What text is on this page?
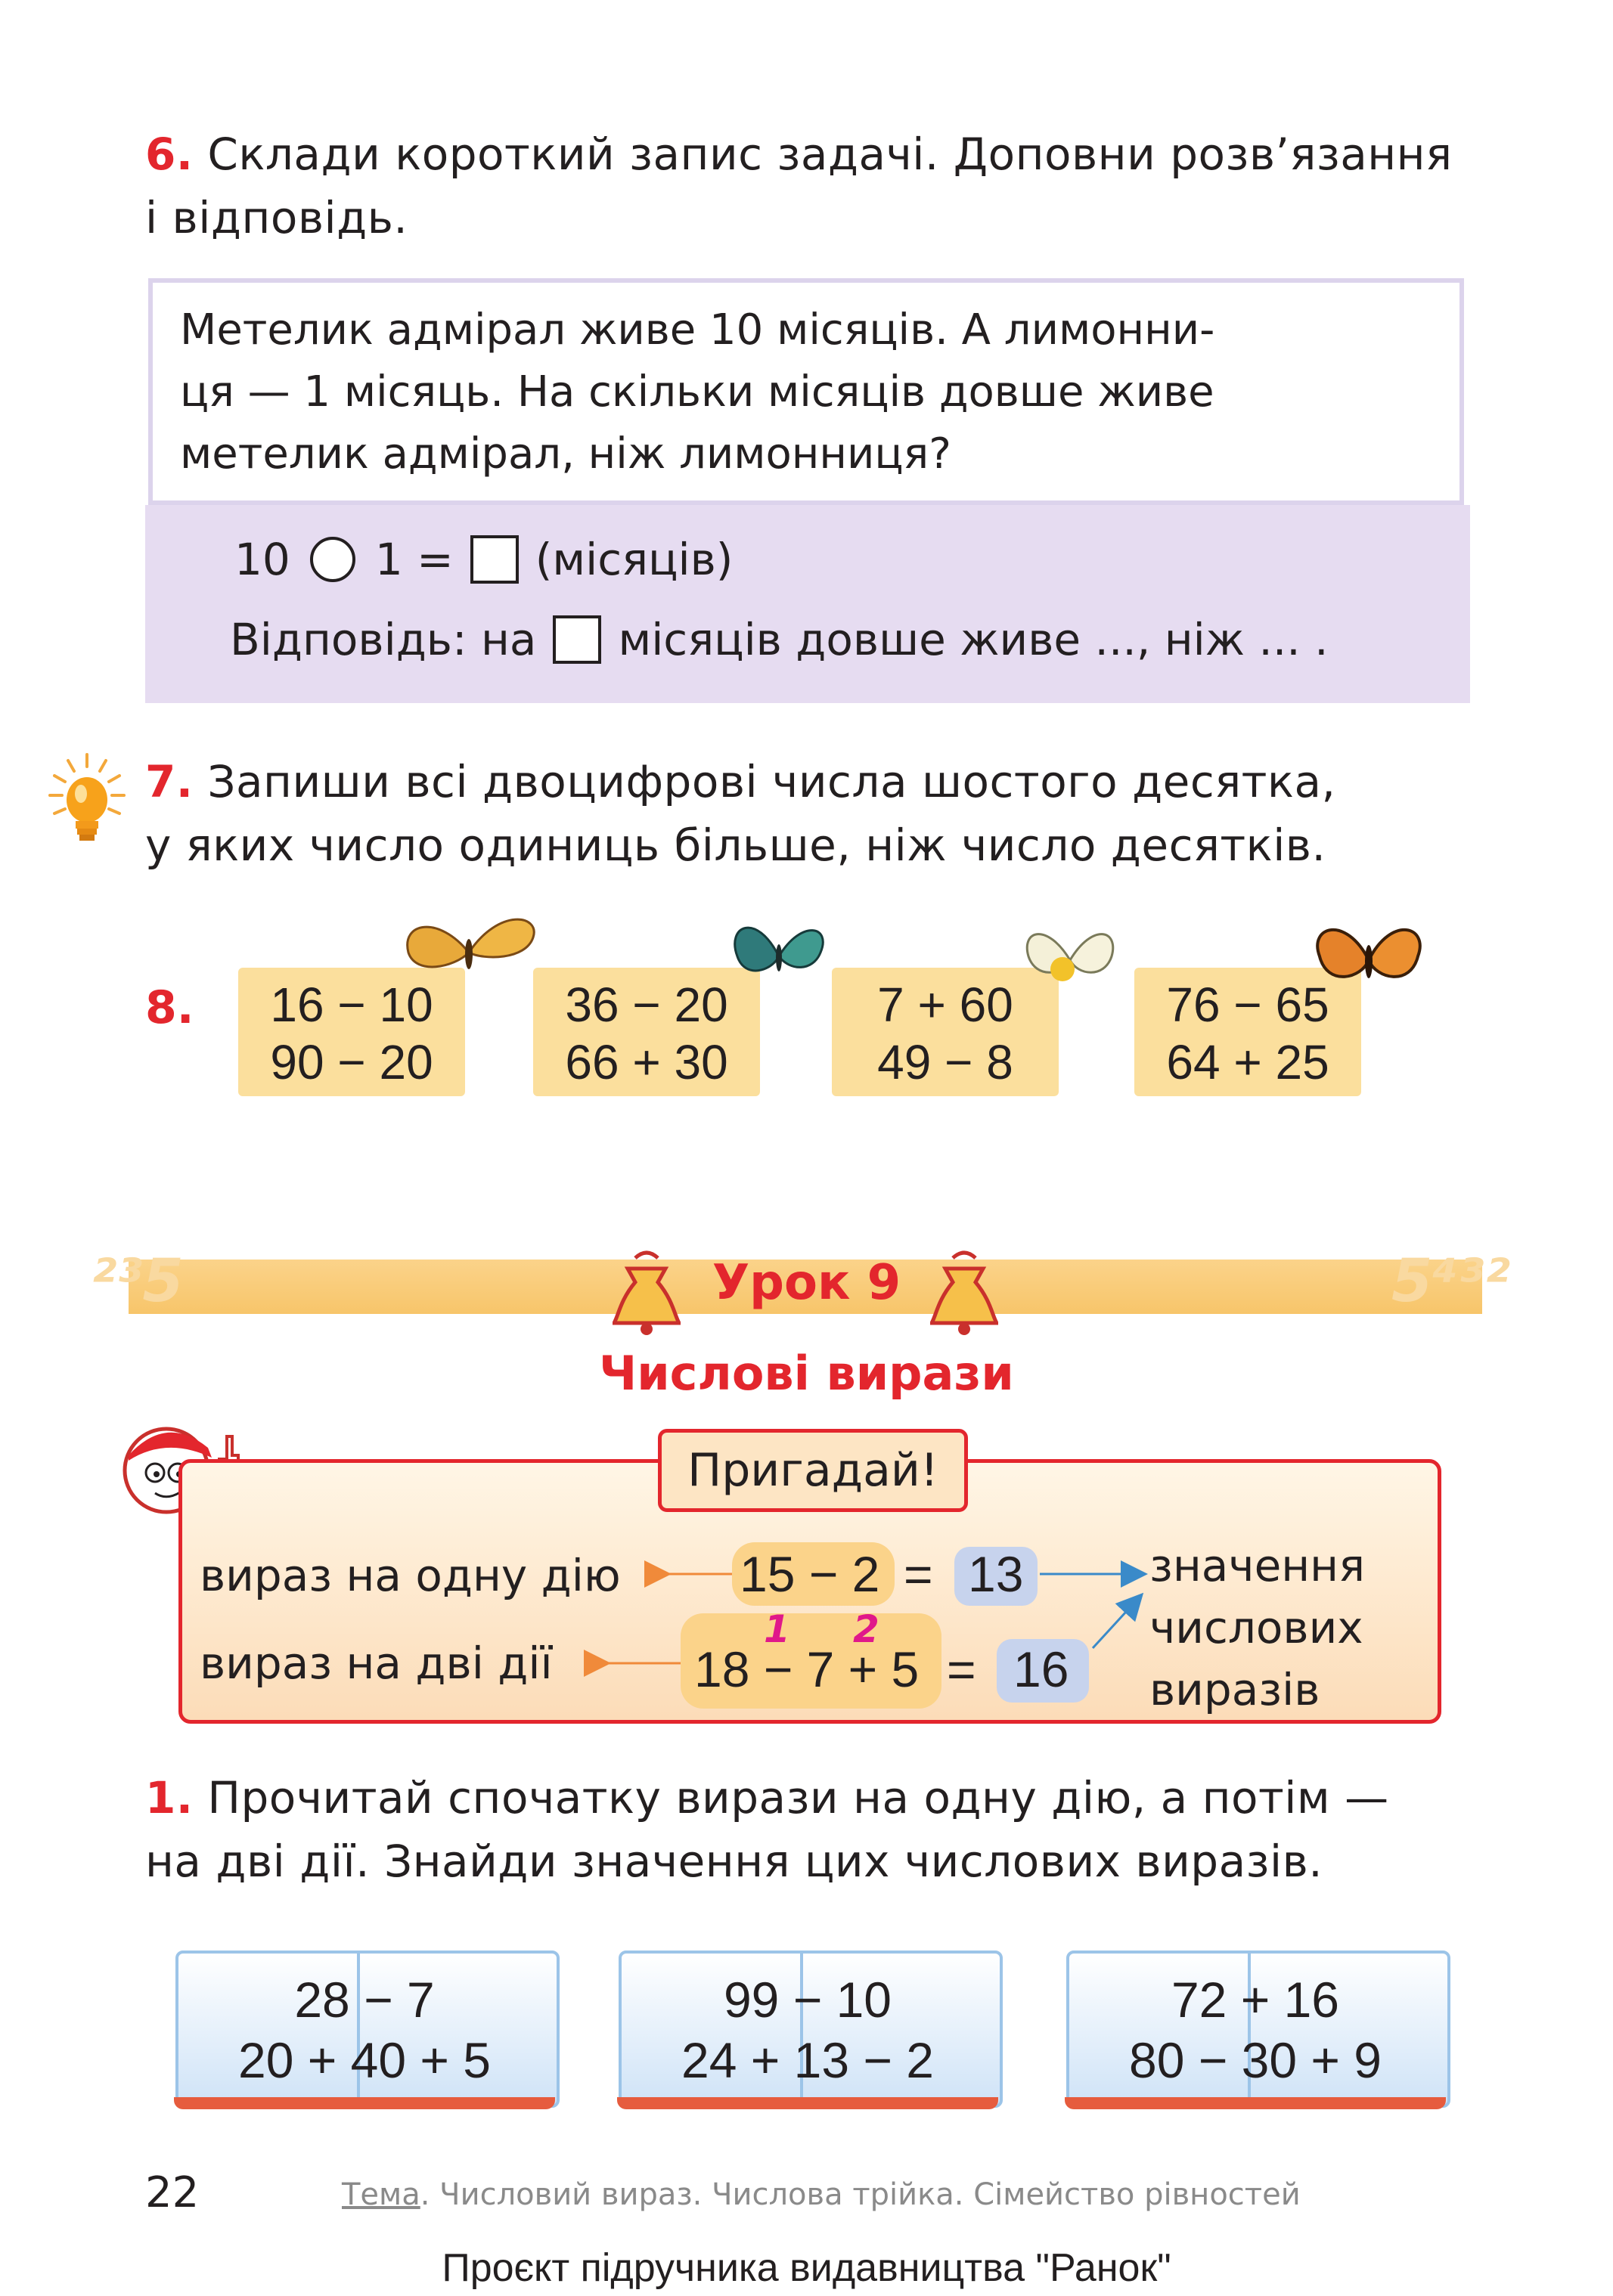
6. Склади короткий запис задачі. Доповни розв’язання
і відповідь.
Метелик адмірал живе 10 місяців. А лимонни-
ця — 1 місяць. На скільки місяців довше живе
метелик адмірал, ніж лимонниця?
10 1 = (місяців)
Відповідь: на місяців довше живе ..., ніж ... .
7. Запиши всі двоцифрові числа шостого десятка,
у яких число одиниць більше, ніж число десятків.
8.	16 − 10
90 − 20
36 − 20
66 + 30
7 + 60
49 − 8
76 − 65
64 + 25
²³5	5⁴³²
Урок 9
Числові вирази
Пригадай!
вираз на одну дію
вираз на дві дії
15 − 2 = 13
1 2
18 − 7 + 5 = 16
значення
числових
виразів
1. Прочитай спочатку вирази на одну дію, а потім —
на дві дії. Знайди значення цих числових виразів.
28 − 7
20 + 40 + 5
99 − 10
24 + 13 − 2
72 + 16
80 − 30 + 9
22	Тема. Числовий вираз. Числова трійка. Сімейство рівностей
Проєкт підручника видавництва "Ранок"
